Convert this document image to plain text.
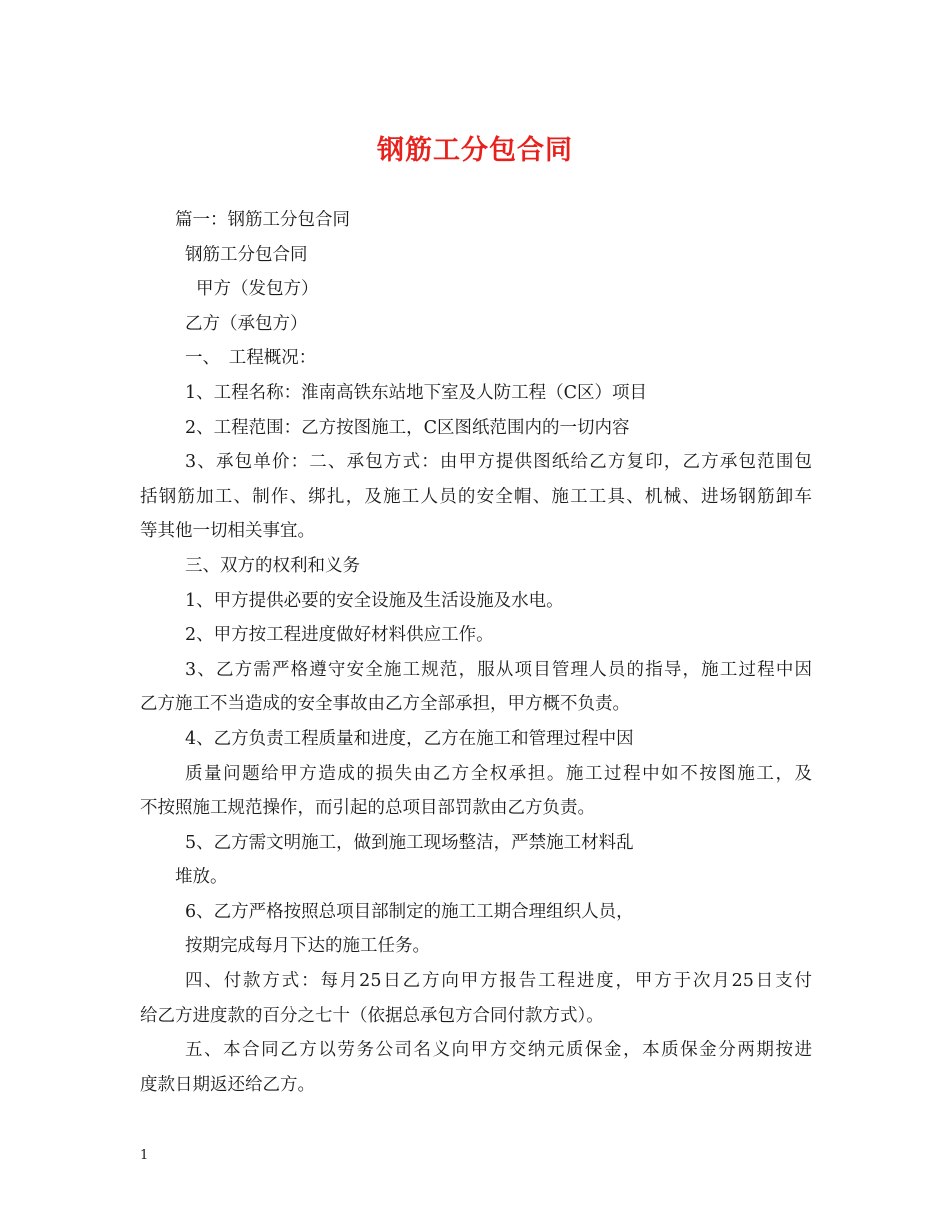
钢筋工分包合同
篇一：钢筋工分包合同
钢筋工分包合同
甲方（发包方）
乙方（承包方）
一、　工程概况：
1、工程名称：淮南高铁东站地下室及人防工程（C区）项目
2、工程范围：乙方按图施工，C区图纸范围内的一切内容
3、承包单价：二、承包方式：由甲方提供图纸给乙方复印，乙方承包范围包
括钢筋加工、制作、绑扎，及施工人员的安全帽、施工工具、机械、进场钢筋卸车
等其他一切相关事宜。
三、双方的权利和义务
1、甲方提供必要的安全设施及生活设施及水电。
2、甲方按工程进度做好材料供应工作。
3、乙方需严格遵守安全施工规范，服从项目管理人员的指导，施工过程中因
乙方施工不当造成的安全事故由乙方全部承担，甲方概不负责。
4、乙方负责工程质量和进度，乙方在施工和管理过程中因
质量问题给甲方造成的损失由乙方全权承担。施工过程中如不按图施工，及
不按照施工规范操作，而引起的总项目部罚款由乙方负责。
5、乙方需文明施工，做到施工现场整洁，严禁施工材料乱
堆放。
6、乙方严格按照总项目部制定的施工工期合理组织人员，
按期完成每月下达的施工任务。
四、付款方式：每月25日乙方向甲方报告工程进度，甲方于次月25日支付
给乙方进度款的百分之七十（依据总承包方合同付款方式）。
五、本合同乙方以劳务公司名义向甲方交纳元质保金，本质保金分两期按进
度款日期返还给乙方。
1
